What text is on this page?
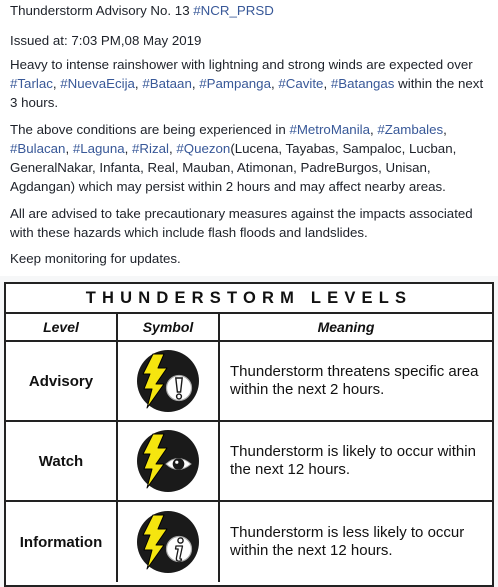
Thunderstorm Advisory No. 13 #NCR_PRSD

Issued at: 7:03 PM,08 May 2019

Heavy to intense rainshower with lightning and strong winds are expected over #Tarlac, #NuevaEcija, #Bataan, #Pampanga, #Cavite, #Batangas within the next 3 hours.

The above conditions are being experienced in #MetroManila, #Zambales, #Bulacan, #Laguna, #Rizal, #Quezon(Lucena, Tayabas, Sampaloc, Lucban, GeneralNakar, Infanta, Real, Mauban, Atimonan, PadreBurgos, Unisan, Agdangan) which may persist within 2 hours and may affect nearby areas.

All are advised to take precautionary measures against the impacts associated with these hazards which include flash floods and landslides.

Keep monitoring for updates.

THUNDERSTORM LEVELS
Level	Symbol	Meaning
Advisory
Thunderstorm threatens specific area within the next 2 hours.
Watch
Thunderstorm is likely to occur within the next 12 hours.
Information
Thunderstorm is less likely to occur within the next 12 hours.
